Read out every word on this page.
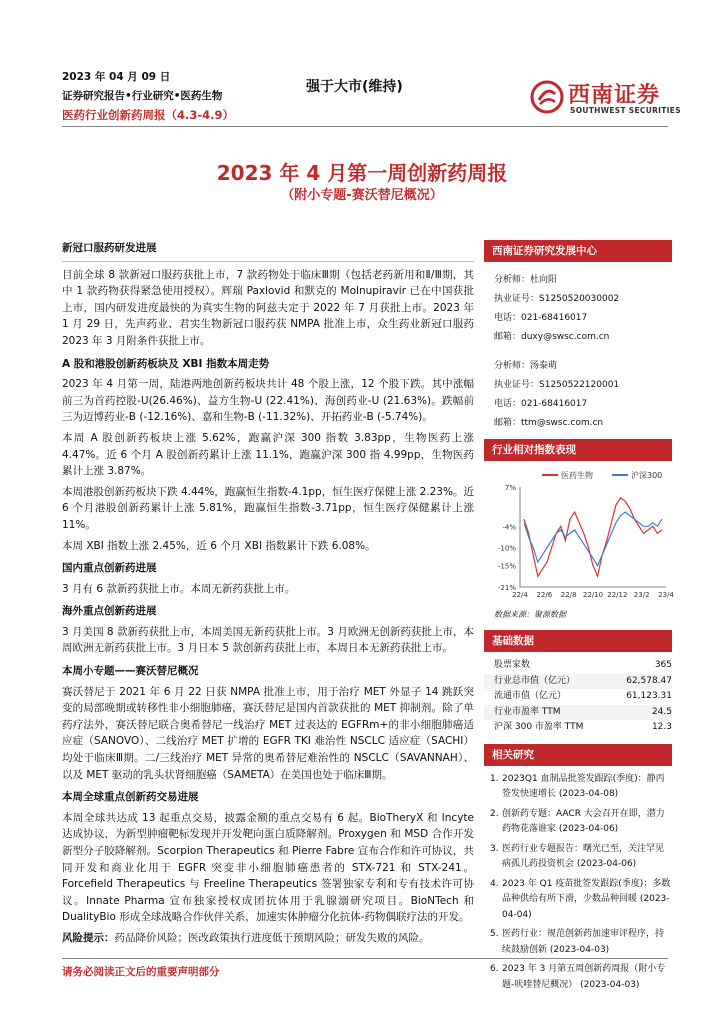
2023 年 04 月 09 日
证券研究报告•行业研究•医药生物
医药行业创新药周报（4.3-4.9）
强于大市(维持)	西南证券
SOUTHWEST SECURITIES
2023 年 4 月第一周创新药周报
（附小专题-赛沃替尼概况）
新冠口服药研发进展
目前全球 8 款新冠口服药获批上市，7 款药物处于临床Ⅲ期（包括老药新用和Ⅱ/Ⅲ期，其中 1 款药物获得紧急使用授权）。辉瑞 Paxlovid 和默克的 Molnupiravir 已在中国获批上市，国内研发进度最快的为真实生物的阿兹夫定于 2022 年 7 月获批上市。2023 年 1 月 29 日，先声药业、君实生物新冠口服药获 NMPA 批准上市，众生药业新冠口服药 2023 年 3 月附条件获批上市。
A 股和港股创新药板块及 XBI 指数本周走势
2023 年 4 月第一周，陆港两地创新药板块共计 48 个股上涨，12 个股下跌。其中涨幅前三为首药控股-U(26.46%)、益方生物-U (22.41%)、海创药业-U (21.63%)。跌幅前三为迈博药业-B (-12.16%)、嘉和生物-B (-11.32%)、开拓药业-B (-5.74%)。
本周 A 股创新药板块上涨 5.62%，跑赢沪深 300 指数 3.83pp，生物医药上涨 4.47%。近 6 个月 A 股创新药累计上涨 11.1%，跑赢沪深 300 指 4.99pp，生物医药累计上涨 3.87%。
本周港股创新药板块下跌 4.44%，跑赢恒生指数-4.1pp，恒生医疗保健上涨 2.23%。近 6 个月港股创新药累计上涨 5.81%，跑赢恒生指数-3.71pp，恒生医疗保健累计上涨 11%。
本周 XBI 指数上涨 2.45%，近 6 个月 XBI 指数累计下跌 6.08%。
国内重点创新药进展
3 月有 6 款新药获批上市。本周无新药获批上市。
海外重点创新药进展
3 月美国 8 款新药获批上市，本周美国无新药获批上市。3 月欧洲无创新药获批上市，本周欧洲无新药获批上市。3 月日本 5 款创新药获批上市，本周日本无新药获批上市。
本周小专题——赛沃替尼概况
赛沃替尼于 2021 年 6 月 22 日获 NMPA 批准上市，用于治疗 MET 外显子 14 跳跃突变的局部晚期或转移性非小细胞肺癌，赛沃替尼是国内首款获批的 MET 抑制剂。除了单药疗法外，赛沃替尼联合奥希替尼一线治疗 MET 过表达的 EGFRm+的非小细胞肺癌适应症（SANOVO）、二线治疗 MET 扩增的 EGFR TKI 难治性 NSCLC 适应症（SACHI）均处于临床Ⅲ期。二/三线治疗 MET 异常的奥希替尼难治性的 NSCLC（SAVANNAH）、以及 MET 驱动的乳头状肾细胞癌（SAMETA）在美国也处于临床Ⅲ期。
本周全球重点创新药交易进展
本周全球共达成 13 起重点交易，披露金额的重点交易有 6 起。BioTheryX 和 Incyte 达成协议，为新型肿瘤靶标发现并开发靶向蛋白质降解剂。Proxygen 和 MSD 合作开发新型分子胶降解剂。Scorpion Therapeutics 和 Pierre Fabre 宣布合作和许可协议，共同开发和商业化用于 EGFR 突变非小细胞肺癌患者的 STX-721 和 STX-241。Forcefield Therapeutics 与 Freeline Therapeutics 签署独家专利和专有技术许可协议。Innate Pharma 宣布独家授权成团抗体用于乳腺溺研究项目。BioNTech 和 DualityBio 形成全球战略合作伙伴关系，加速实体肿瘤分化抗体-药物偶联疗法的开发。
风险提示：药品降价风险；医改政策执行进度低于预期风险；研发失败的风险。
西南证券研究发展中心
分析师：杜向阳
执业证号：S1250520030002
电话：021-68416017
邮箱：duxy@swsc.com.cn
分析师：汤泰萌
执业证号：S1250522120001
电话：021-68416017
邮箱：ttm@swsc.com.cn
行业相对指数表现
医药生物	沪深300
7%
-4%
-10%
-15%
-21%
22/4 22/6 22/8 22/10 22/12 23/2 23/4
数据来源：聚源数据
基础数据
股票家数	365
行业总市值（亿元）	62,578.47
流通市值（亿元）	61,123.31
行业市盈率 TTM	24.5
沪深 300 市盈率 TTM	12.3
相关研究
1. 2023Q1 血制品批签发跟踪(季度)：静丙签发快速增长 (2023-04-08)
2. 创新药专题：AACR 大会召开在即，潜力药物花落谁家 (2023-04-06)
3. 医药行业专题报告：曙光已至，关注罕见病孤儿药投资机会 (2023-04-06)
4. 2023 年 Q1 疫苗批签发跟踪(季度)：多数品种供给有所下滑，少数品种回暖 (2023-04-04)
5. 医药行业：规范创新药加速审评程序，持续鼓励创新 (2023-04-03)
6. 2023 年 3 月第五周创新药周报（附小专题-吠喹替尼概况） (2023-04-03)
请务必阅读正文后的重要声明部分
